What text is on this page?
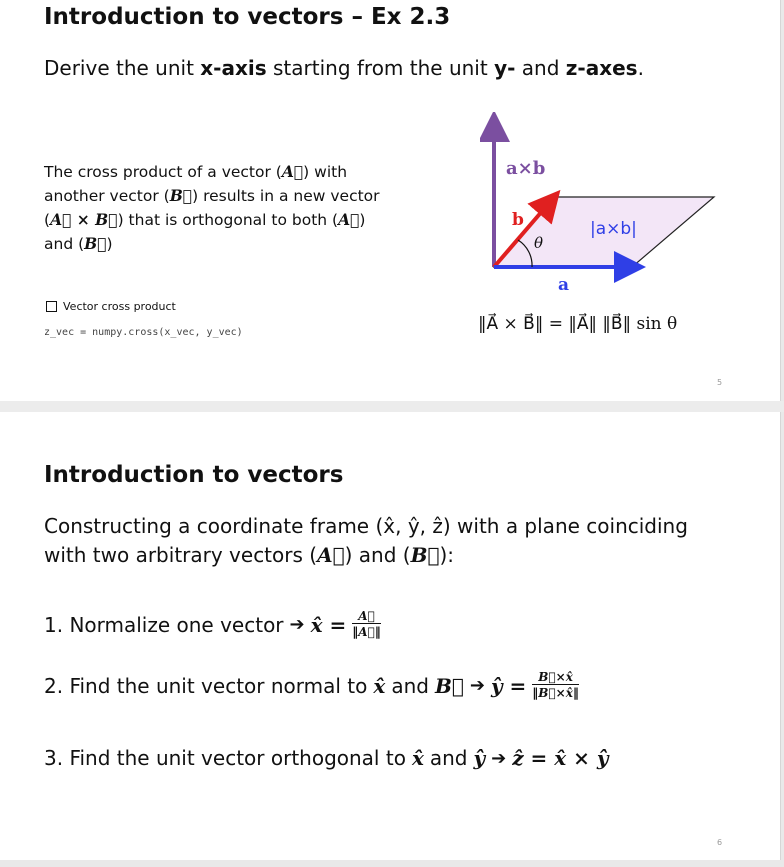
Introduction to vectors – Ex 2.3
Derive the unit x-axis starting from the unit y- and z-axes.
The cross product of a vector (A⃗) with
another vector (B⃗) results in a new vector
(A⃗ × B⃗) that is orthogonal to both (A⃗)
and (B⃗)
Vector cross product
z_vec = numpy.cross(x_vec, y_vec)
a×b
b
θ
|a×b|
a
‖A⃗ × B⃗‖ = ‖A⃗‖ ‖B⃗‖ sin θ
5
Introduction to vectors
Constructing a coordinate frame (x̂, ŷ, ẑ) with a plane coinciding
with two arbitrary vectors (A⃗) and (B⃗):
1. Normalize one vector ➔ x̂ = $\frac{A⃗}{‖A⃗‖}$
2. Find the unit vector normal to x̂ and B⃗ ➔ ŷ = $\frac{B⃗\times x̂}{‖B⃗\times x̂‖}$
3. Find the unit vector orthogonal to x̂ and ŷ ➔ ẑ = x̂ × ŷ
6
